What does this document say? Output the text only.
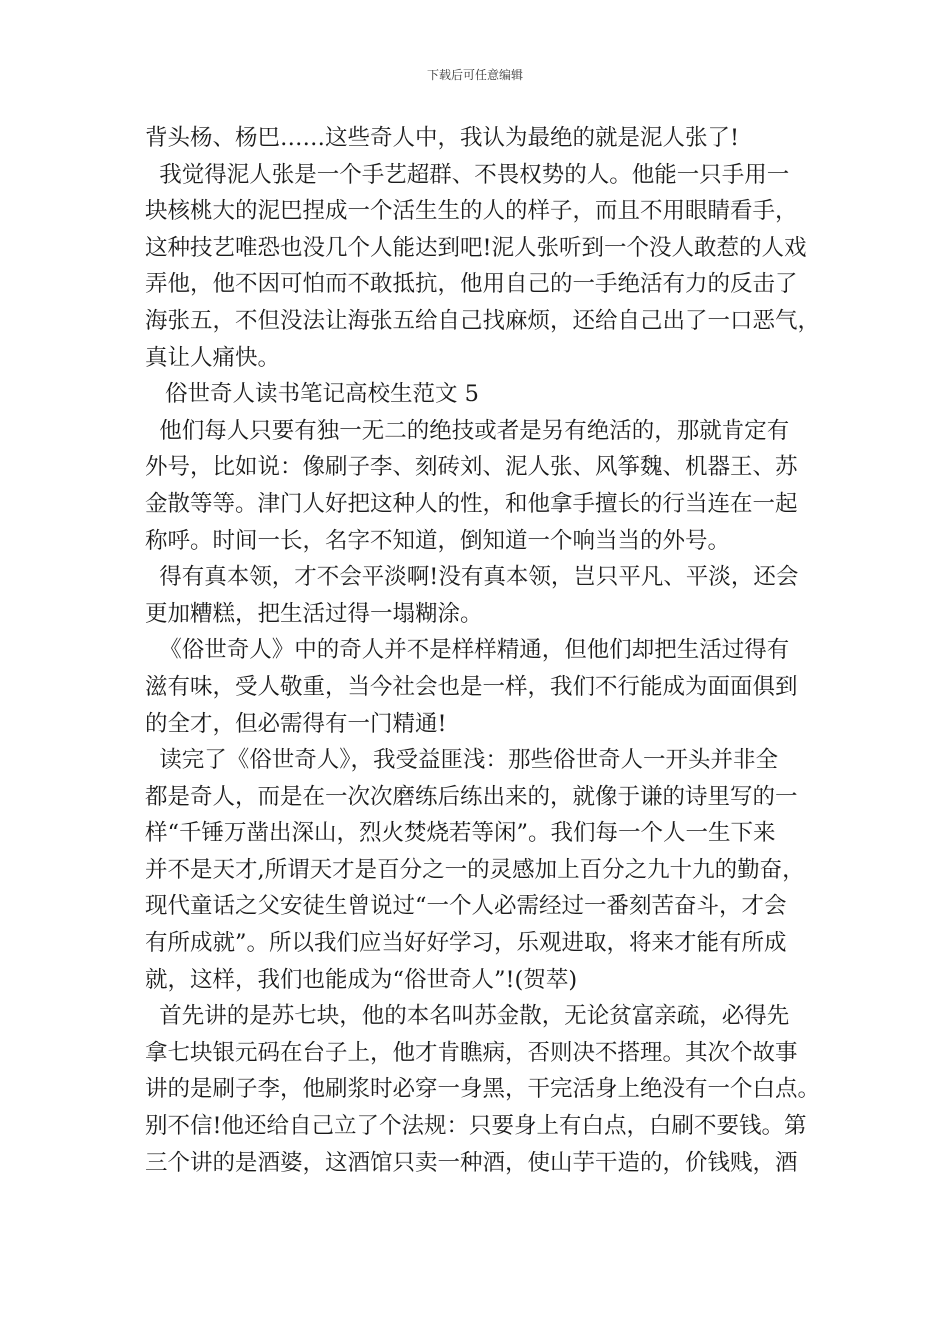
下载后可任意编辑
背头杨、杨巴……这些奇人中，我认为最绝的就是泥人张了!
我觉得泥人张是一个手艺超群、不畏权势的人。他能一只手用一
块核桃大的泥巴捏成一个活生生的人的样子，而且不用眼睛看手，
这种技艺唯恐也没几个人能达到吧!泥人张听到一个没人敢惹的人戏
弄他，他不因可怕而不敢抵抗，他用自己的一手绝活有力的反击了
海张五，不但没法让海张五给自己找麻烦，还给自己出了一口恶气，
真让人痛快。
俗世奇人读书笔记高校生范文 5
他们每人只要有独一无二的绝技或者是另有绝活的，那就肯定有
外号，比如说：像刷子李、刻砖刘、泥人张、风筝魏、机器王、苏
金散等等。津门人好把这种人的性，和他拿手擅长的行当连在一起
称呼。时间一长，名字不知道，倒知道一个响当当的外号。
得有真本领，才不会平淡啊!没有真本领，岂只平凡、平淡，还会
更加糟糕，把生活过得一塌糊涂。
《俗世奇人》中的奇人并不是样样精通，但他们却把生活过得有
滋有味，受人敬重，当今社会也是一样，我们不行能成为面面俱到
的全才，但必需得有一门精通!
读完了《俗世奇人》，我受益匪浅：那些俗世奇人一开头并非全
都是奇人，而是在一次次磨练后练出来的，就像于谦的诗里写的一
样“千锤万凿出深山，烈火焚烧若等闲”。我们每一个人一生下来
并不是天才,所谓天才是百分之一的灵感加上百分之九十九的勤奋，
现代童话之父安徒生曾说过“一个人必需经过一番刻苦奋斗，才会
有所成就”。所以我们应当好好学习，乐观进取，将来才能有所成
就，这样，我们也能成为“俗世奇人”!(贺萃)
首先讲的是苏七块，他的本名叫苏金散，无论贫富亲疏，必得先
拿七块银元码在台子上，他才肯瞧病，否则决不搭理。其次个故事
讲的是刷子李，他刷浆时必穿一身黑，干完活身上绝没有一个白点。
别不信!他还给自己立了个法规：只要身上有白点，白刷不要钱。第
三个讲的是酒婆，这酒馆只卖一种酒，使山芋干造的，价钱贱，酒
